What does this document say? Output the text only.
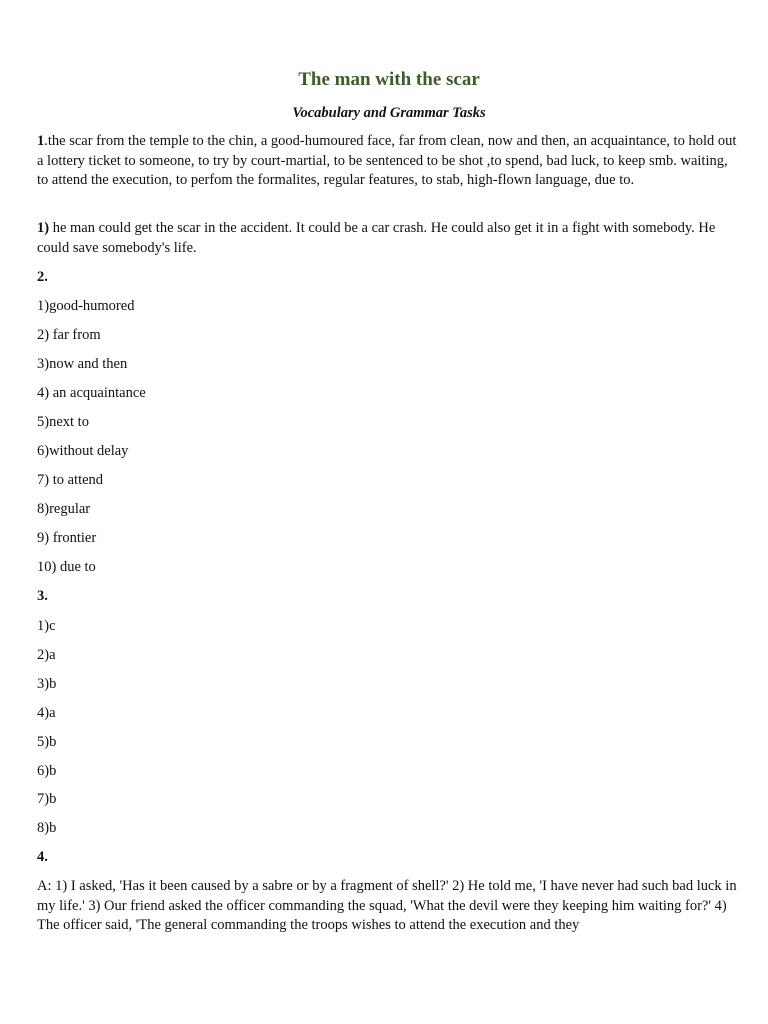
The man with the scar
Vocabulary and Grammar Tasks

1.the scar from the temple to the chin, a good-humoured face, far from clean, now and then, an acquaintance, to hold out a lottery ticket to someone, to try by court-martial, to be sentenced to be shot ,to spend, bad luck, to keep smb. waiting, to attend the execution, to perfom the formalites, regular features, to stab, high-flown language, due to.

1) he man could get the scar in the accident. It could be a car crash. He could also get it in a fight with somebody. He could save somebody's life.

2.

1)good-humored

2) far from

3)now and then

4) an acquaintance

5)next to

6)without delay

7) to attend

8)regular

9) frontier

10) due to

3.

1)c

2)a

3)b

4)a

5)b

6)b

7)b

8)b

4.

A: 1) I asked, 'Has it been caused by a sabre or by a fragment of shell?' 2) He told me, 'I have never had such bad luck in my life.' 3) Our friend asked the officer commanding the squad, 'What the devil were they keeping him waiting for?' 4) The officer said, 'The general commanding the troops wishes to attend the execution and they
